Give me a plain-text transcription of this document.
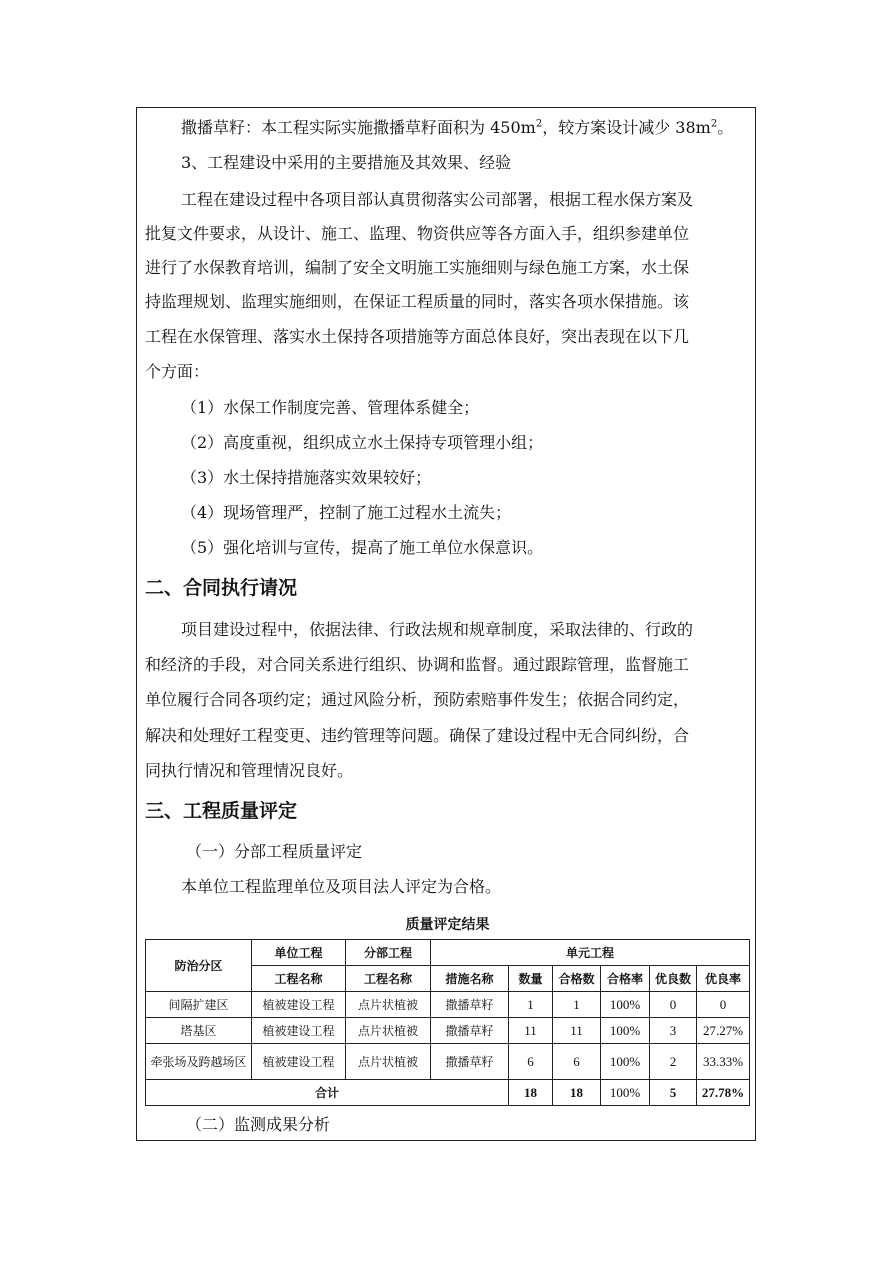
撒播草籽：本工程实际实施撒播草籽面积为 $450m^2$，较方案设计减少 $38m^2$。
3、工程建设中采用的主要措施及其效果、经验
工程在建设过程中各项目部认真贯彻落实公司部署，根据工程水保方案及
批复文件要求，从设计、施工、监理、物资供应等各方面入手，组织参建单位
进行了水保教育培训，编制了安全文明施工实施细则与绿色施工方案，水土保
持监理规划、监理实施细则，在保证工程质量的同时，落实各项水保措施。该
工程在水保管理、落实水土保持各项措施等方面总体良好，突出表现在以下几
个方面：
（1）水保工作制度完善、管理体系健全；
（2）高度重视，组织成立水土保持专项管理小组；
（3）水土保持措施落实效果较好；
（4）现场管理严，控制了施工过程水土流失；
（5）强化培训与宣传，提高了施工单位水保意识。
二、合同执行请况
项目建设过程中，依据法律、行政法规和规章制度，采取法律的、行政的
和经济的手段，对合同关系进行组织、协调和监督。通过跟踪管理，监督施工
单位履行合同各项约定；通过风险分析，预防索赔事件发生；依据合同约定，
解决和处理好工程变更、违约管理等问题。确保了建设过程中无合同纠纷，合
同执行情况和管理情况良好。
三、工程质量评定
（一）分部工程质量评定
本单位工程监理单位及项目法人评定为合格。
质量评定结果
防治分区	单位工程	分部工程	单元工程					
	工程名称	工程名称	措施名称	数量	合格数	合格率	优良数	优良率
间隔扩建区	植被建设工程	点片状植被	撒播草籽	1	1	100%	0	0
塔基区	植被建设工程	点片状植被	撒播草籽	11	11	100%	3	27.27%
牵张场及跨越场区	植被建设工程	点片状植被	撒播草籽	6	6	100%	2	33.33%
合计				18	18	100%	5	27.78%
（二）监测成果分析
